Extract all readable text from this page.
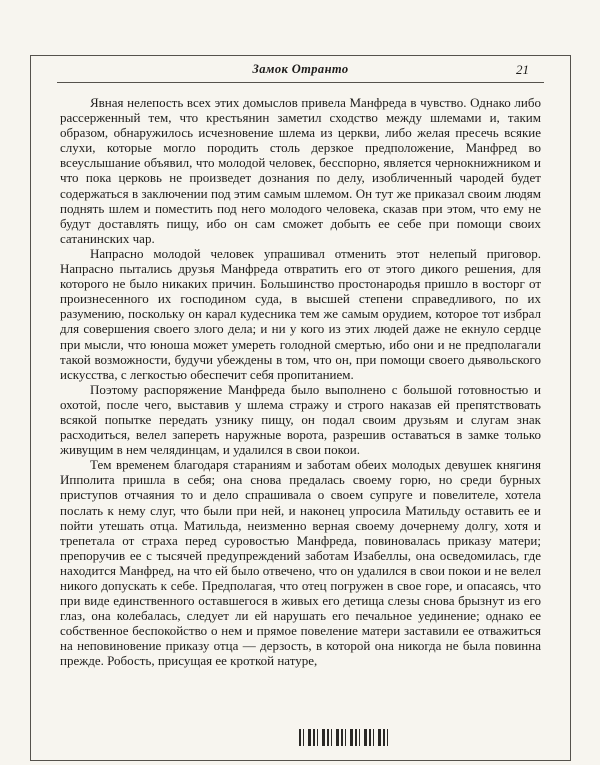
Замок Отранто	21

Явная нелепость всех этих домыслов привела Манфреда в чувство. Однако либо рассерженный тем, что крестьянин заметил сходство между шлемами и, таким образом, обнаружилось исчезновение шлема из церкви, либо желая пресечь всякие слухи, которые могло породить столь дерзкое предположение, Манфред во всеуслышание объявил, что молодой человек, бесспорно, является чернокнижником и что пока церковь не произведет дознания по делу, изобличенный чародей будет содержаться в заключении под этим самым шлемом. Он тут же приказал своим людям поднять шлем и поместить под него молодого человека, сказав при этом, что ему не будут доставлять пищу, ибо он сам сможет добыть ее себе при помощи своих сатанинских чар.

Напрасно молодой человек упрашивал отменить этот нелепый приговор. Напрасно пытались друзья Манфреда отвратить его от этого дикого решения, для которого не было никаких причин. Большинство простонародья пришло в восторг от произнесенного их господином суда, в высшей степени справедливого, по их разумению, поскольку он карал кудесника тем же самым орудием, которое тот избрал для совершения своего злого дела; и ни у кого из этих людей даже не екнуло сердце при мысли, что юноша может умереть голодной смертью, ибо они и не предполагали такой возможности, будучи убеждены в том, что он, при помощи своего дьявольского искусства, с легкостью обеспечит себя пропитанием.

Поэтому распоряжение Манфреда было выполнено с большой готовностью и охотой, после чего, выставив у шлема стражу и строго наказав ей препятствовать всякой попытке передать узнику пищу, он подал своим друзьям и слугам знак расходиться, велел запереть наружные ворота, разрешив оставаться в замке только живущим в нем челядинцам, и удалился в свои покои.

Тем временем благодаря стараниям и заботам обеих молодых девушек княгиня Ипполита пришла в себя; она снова предалась своему горю, но среди бурных приступов отчаяния то и дело спрашивала о своем супруге и повелителе, хотела послать к нему слуг, что были при ней, и наконец упросила Матильду оставить ее и пойти утешать отца. Матильда, неизменно верная своему дочернему долгу, хотя и трепетала от страха перед суровостью Манфреда, повиновалась приказу матери; препоручив ее с тысячей предупреждений заботам Изабеллы, она осведомилась, где находится Манфред, на что ей было отвечено, что он удалился в свои покои и не велел никого допускать к себе. Предполагая, что отец погружен в свое горе, и опасаясь, что при виде единственного оставшегося в живых его детища слезы снова брызнут из его глаз, она колебалась, следует ли ей нарушать его печальное уединение; однако ее собственное беспокойство о нем и прямое повеление матери заставили ее отважиться на неповиновение приказу отца — дерзость, в которой она никогда не была повинна прежде. Робость, присущая ее кроткой натуре,
